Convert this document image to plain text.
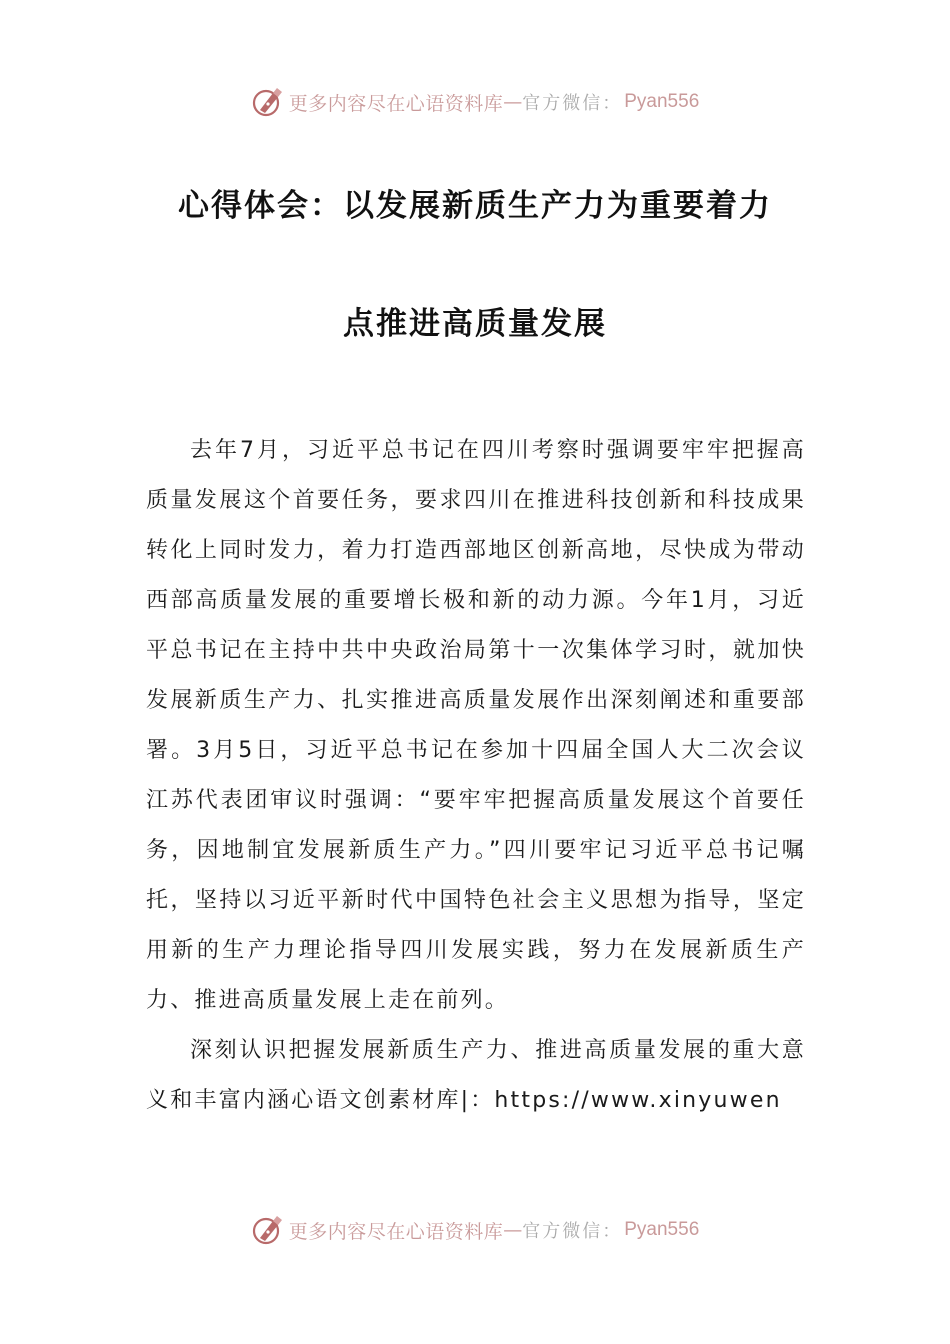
更多内容尽在心语资料库 — 官方微信： Pyan556
心得体会：以发展新质生产力为重要着力
点推进高质量发展

去年7月，习近平总书记在四川考察时强调要牢牢把握高质量发展这个首要任务，要求四川在推进科技创新和科技成果转化上同时发力，着力打造西部地区创新高地，尽快成为带动西部高质量发展的重要增长极和新的动力源。今年1月，习近平总书记在主持中共中央政治局第十一次集体学习时，就加快发展新质生产力、扎实推进高质量发展作出深刻阐述和重要部署。3月5日，习近平总书记在参加十四届全国人大二次会议江苏代表团审议时强调：“要牢牢把握高质量发展这个首要任务，因地制宜发展新质生产力。”四川要牢记习近平总书记嘱托，坚持以习近平新时代中国特色社会主义思想为指导，坚定用新的生产力理论指导四川发展实践，努力在发展新质生产力、推进高质量发展上走在前列。

深刻认识把握发展新质生产力、推进高质量发展的重大意义和丰富内涵心语文创素材库|：https://www.xinyuwen

更多内容尽在心语资料库 — 官方微信： Pyan556
